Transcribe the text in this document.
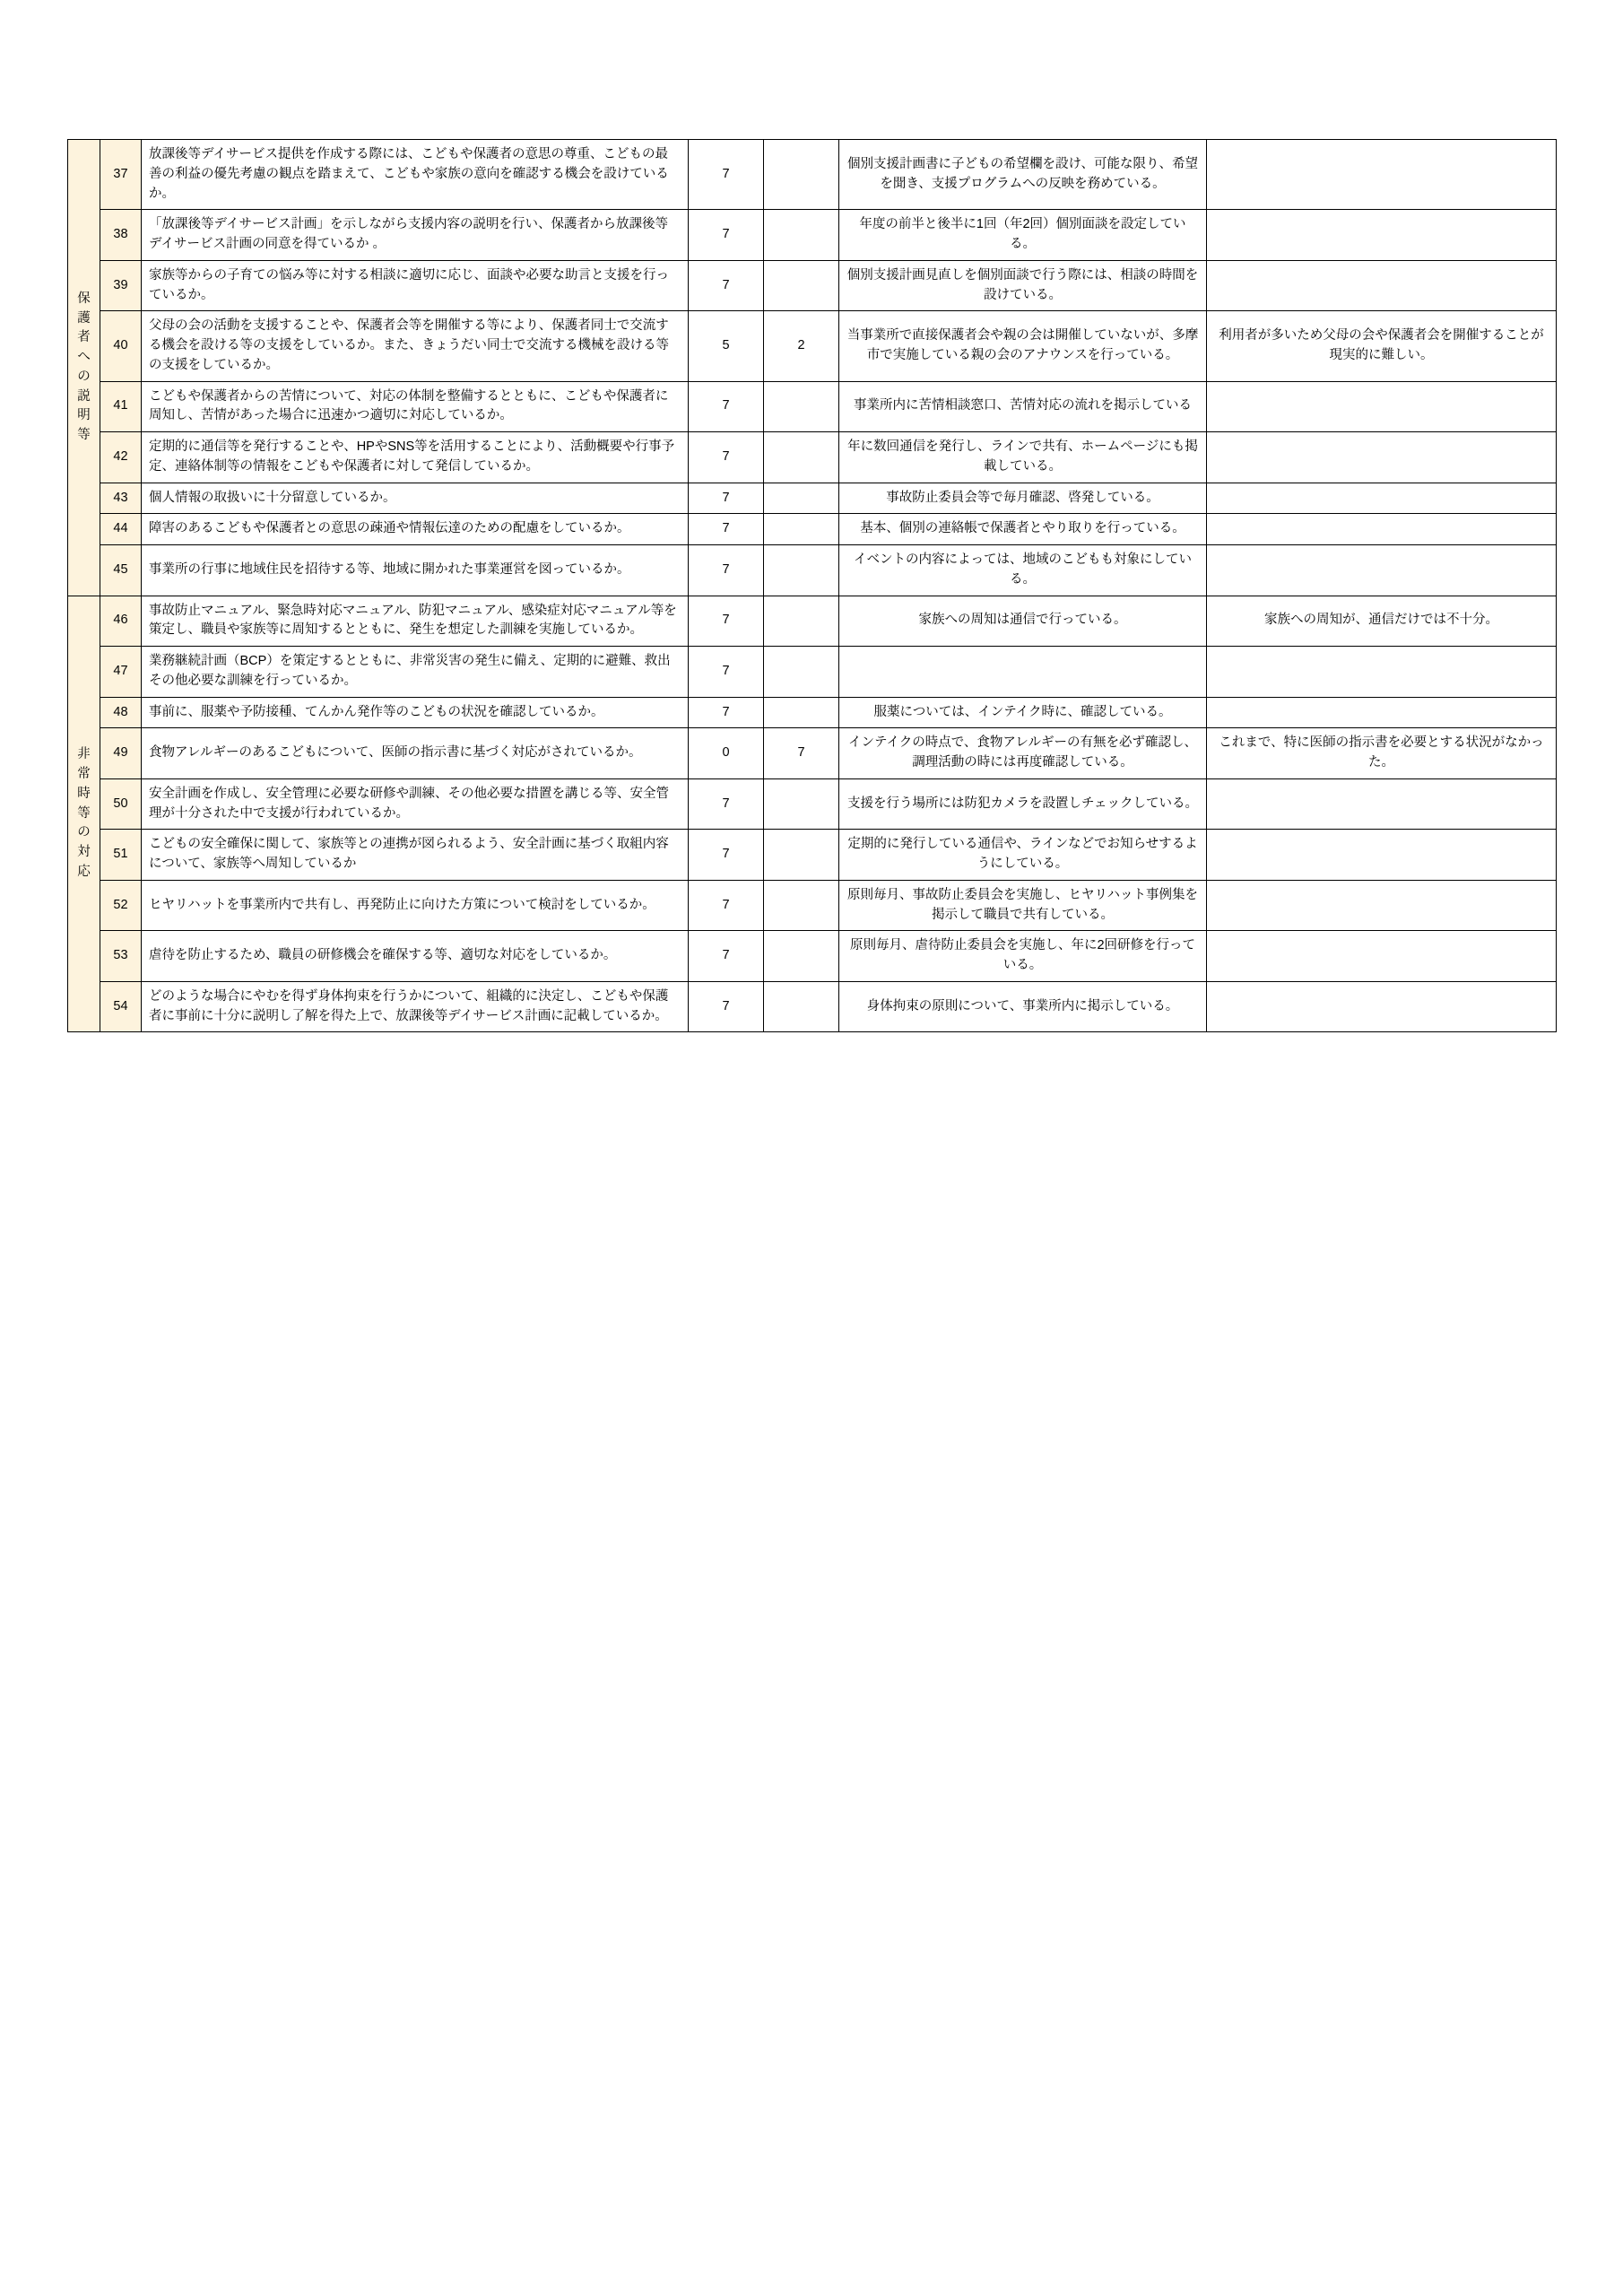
保護者への説明等	37	放課後等デイサービス提供を作成する際には、こどもや保護者の意思の尊重、こどもの最善の利益の優先考慮の観点を踏まえて、こどもや家族の意向を確認する機会を設けているか。	7		個別支援計画書に子どもの希望欄を設け、可能な限り、希望を聞き、支援プログラムへの反映を務めている。	
	38	「放課後等デイサービス計画」を示しながら支援内容の説明を行い、保護者から放課後等デイサービス計画の同意を得ているか 。	7		年度の前半と後半に1回（年2回）個別面談を設定している。	
	39	家族等からの子育ての悩み等に対する相談に適切に応じ、面談や必要な助言と支援を行っているか。	7		個別支援計画見直しを個別面談で行う際には、相談の時間を設けている。	
	40	父母の会の活動を支援することや、保護者会等を開催する等により、保護者同士で交流する機会を設ける等の支援をしているか。また、きょうだい同士で交流する機械を設ける等の支援をしているか。	5	2	当事業所で直接保護者会や親の会は開催していないが、多摩市で実施している親の会のアナウンスを行っている。	利用者が多いため父母の会や保護者会を開催することが現実的に難しい。
	41	こどもや保護者からの苦情について、対応の体制を整備するとともに、こどもや保護者に周知し、苦情があった場合に迅速かつ適切に対応しているか。	7		事業所内に苦情相談窓口、苦情対応の流れを掲示している	
	42	定期的に通信等を発行することや、HPやSNS等を活用することにより、活動概要や行事予定、連絡体制等の情報をこどもや保護者に対して発信しているか。	7		年に数回通信を発行し、ラインで共有、ホームページにも掲載している。	
	43	個人情報の取扱いに十分留意しているか。	7		事故防止委員会等で毎月確認、啓発している。	
	44	障害のあるこどもや保護者との意思の疎通や情報伝達のための配慮をしているか。	7		基本、個別の連絡帳で保護者とやり取りを行っている。	
	45	事業所の行事に地域住民を招待する等、地域に開かれた事業運営を図っているか。	7		イベントの内容によっては、地域のこどもも対象にしている。	

非常時等の対応	46	事故防止マニュアル、緊急時対応マニュアル、防犯マニュアル、感染症対応マニュアル等を策定し、職員や家族等に周知するとともに、発生を想定した訓練を実施しているか。	7		家族への周知は通信で行っている。	家族への周知が、通信だけでは不十分。
	47	業務継続計画（BCP）を策定するとともに、非常災害の発生に備え、定期的に避難、救出その他必要な訓練を行っているか。	7			
	48	事前に、服薬や予防接種、てんかん発作等のこどもの状況を確認しているか。	7		服薬については、インテイク時に、確認している。	
	49	食物アレルギーのあるこどもについて、医師の指示書に基づく対応がされているか。	0	7	インテイクの時点で、食物アレルギーの有無を必ず確認し、調理活動の時には再度確認している。	これまで、特に医師の指示書を必要とする状況がなかった。
	50	安全計画を作成し、安全管理に必要な研修や訓練、その他必要な措置を講じる等、安全管理が十分された中で支援が行われているか。	7		支援を行う場所には防犯カメラを設置しチェックしている。	
	51	こどもの安全確保に関して、家族等との連携が図られるよう、安全計画に基づく取組内容について、家族等へ周知しているか	7		定期的に発行している通信や、ラインなどでお知らせするようにしている。	
	52	ヒヤリハットを事業所内で共有し、再発防止に向けた方策について検討をしているか。	7		原則毎月、事故防止委員会を実施し、ヒヤリハット事例集を掲示して職員で共有している。	
	53	虐待を防止するため、職員の研修機会を確保する等、適切な対応をしているか。	7		原則毎月、虐待防止委員会を実施し、年に2回研修を行っている。	
	54	どのような場合にやむを得ず身体拘束を行うかについて、組織的に決定し、こどもや保護者に事前に十分に説明し了解を得た上で、放課後等デイサービス計画に記載しているか。	7		身体拘束の原則について、事業所内に掲示している。	
